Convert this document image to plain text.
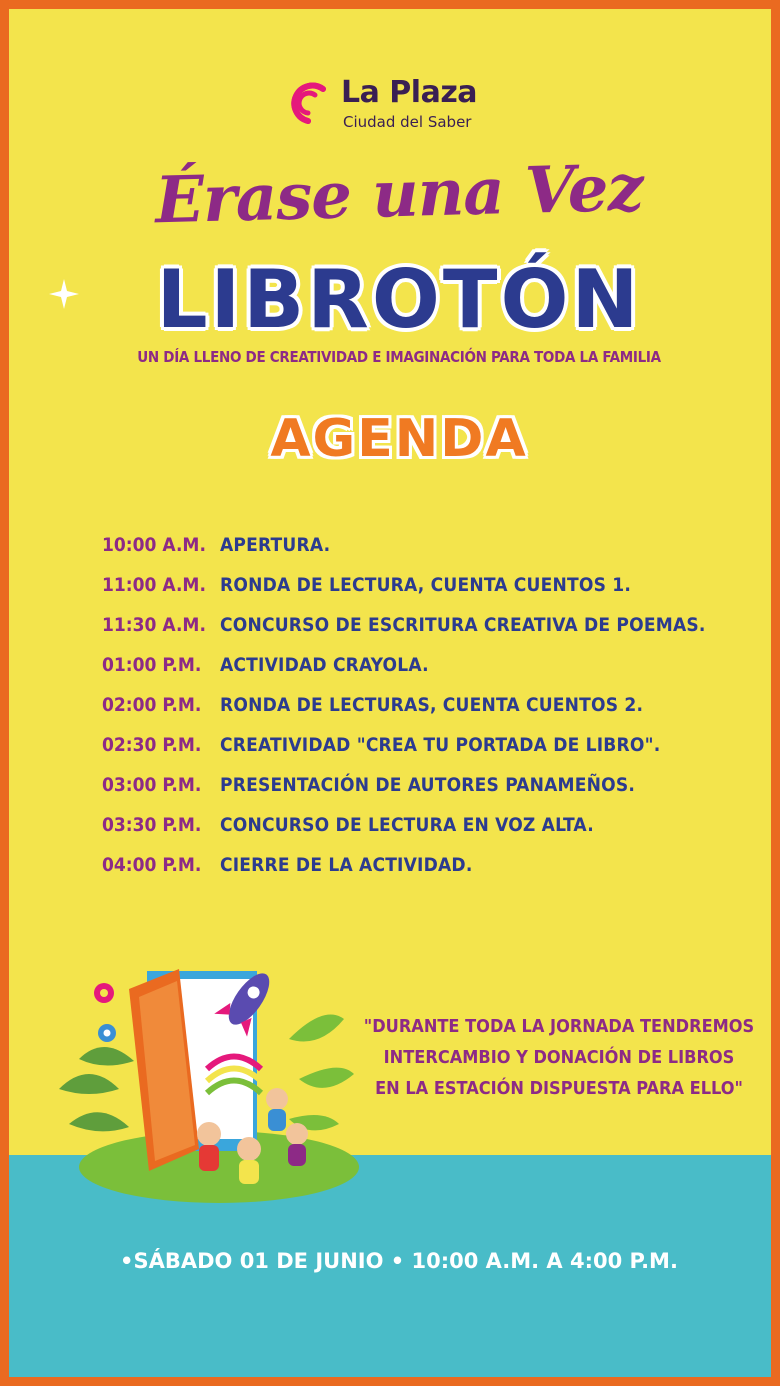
La Plaza
Ciudad del Saber
Érase una Vez
LIBROTÓN
UN DÍA LLENO DE CREATIVIDAD E IMAGINACIÓN PARA TODA LA FAMILIA
AGENDA
10:00 A.M. APERTURA.
11:00 A.M. RONDA DE LECTURA, CUENTA CUENTOS 1.
11:30 A.M. CONCURSO DE ESCRITURA CREATIVA DE POEMAS.
01:00 P.M. ACTIVIDAD CRAYOLA.
02:00 P.M. RONDA DE LECTURAS, CUENTA CUENTOS 2.
02:30 P.M. CREATIVIDAD "CREA TU PORTADA DE LIBRO".
03:00 P.M. PRESENTACIÓN DE AUTORES PANAMEÑOS.
03:30 P.M. CONCURSO DE LECTURA EN VOZ ALTA.
04:00 P.M. CIERRE DE LA ACTIVIDAD.
"DURANTE TODA LA JORNADA TENDREMOS
INTERCAMBIO Y DONACIÓN DE LIBROS
EN LA ESTACIÓN DISPUESTA PARA ELLO"
•SÁBADO 01 DE JUNIO • 10:00 A.M. A 4:00 P.M.
